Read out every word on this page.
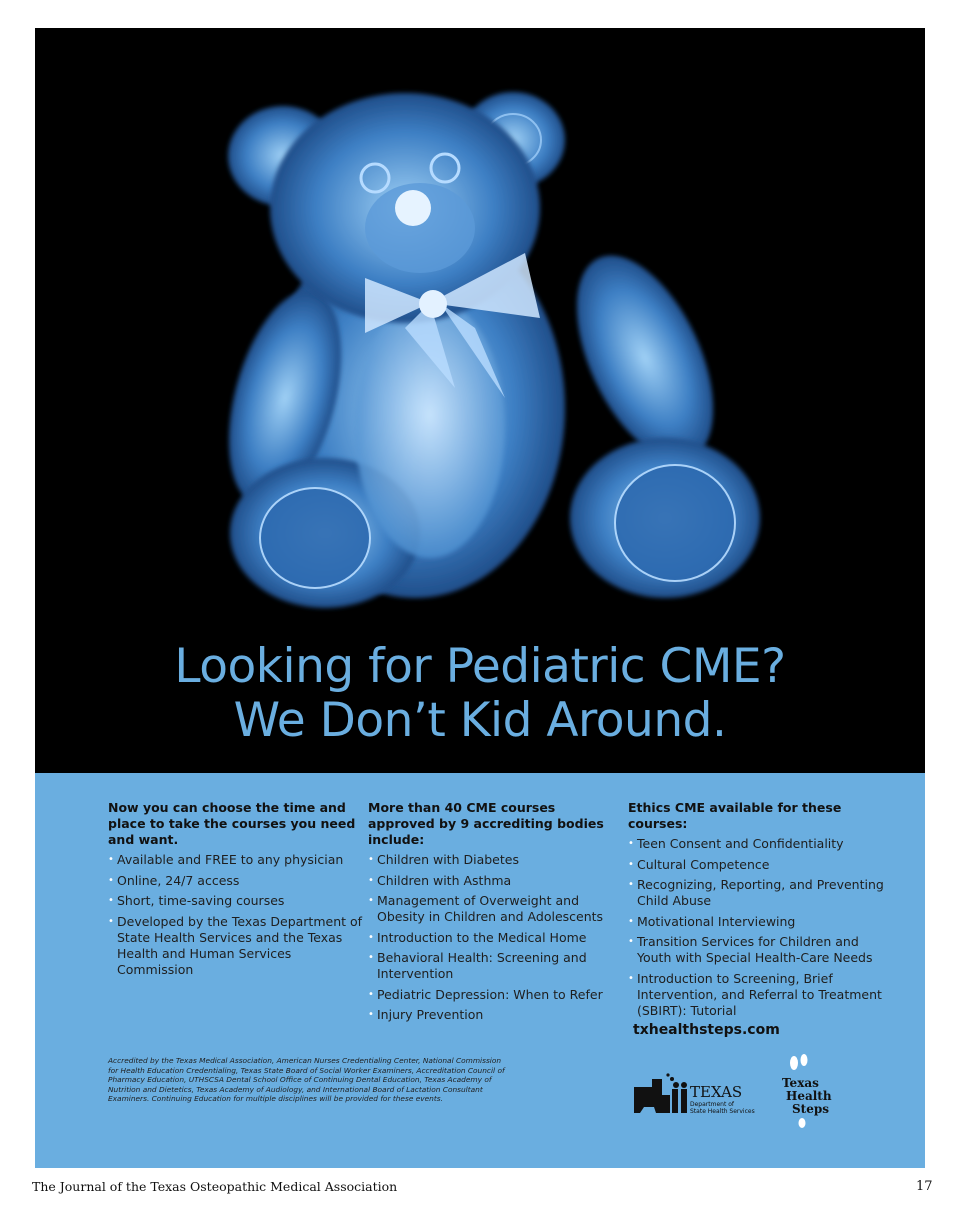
Looking for Pediatric CME?
We Don’t Kid Around.
Now you can choose the time and place to take the courses you need and want.
• Available and FREE to any physician
• Online, 24/7 access
• Short, time-saving courses
• Developed by the Texas Department of State Health Services and the Texas Health and Human Services Commission
More than 40 CME courses approved by 9 accrediting bodies include:
• Children with Diabetes
• Children with Asthma
• Management of Overweight and Obesity in Children and Adolescents
• Introduction to the Medical Home
• Behavioral Health: Screening and Intervention
• Pediatric Depression: When to Refer
• Injury Prevention
Ethics CME available for these courses:
• Teen Consent and Confidentiality
• Cultural Competence
• Recognizing, Reporting, and Preventing Child Abuse
• Motivational Interviewing
• Transition Services for Children and Youth with Special Health-Care Needs
• Introduction to Screening, Brief Intervention, and Referral to Treatment (SBIRT): Tutorial
txhealthsteps.com
Accredited by the Texas Medical Association, American Nurses Credentialing Center, National Commission for Health Education Credentialing, Texas State Board of Social Worker Examiners, Accreditation Council of Pharmacy Education, UTHSCSA Dental School Office of Continuing Dental Education, Texas Academy of Nutrition and Dietetics, Texas Academy of Audiology, and International Board of Lactation Consultant Examiners. Continuing Education for multiple disciplines will be provided for these events.	TEXAS
Department of
State Health Services
Texas
Health
Steps
The Journal of the Texas Osteopathic Medical Association	17
